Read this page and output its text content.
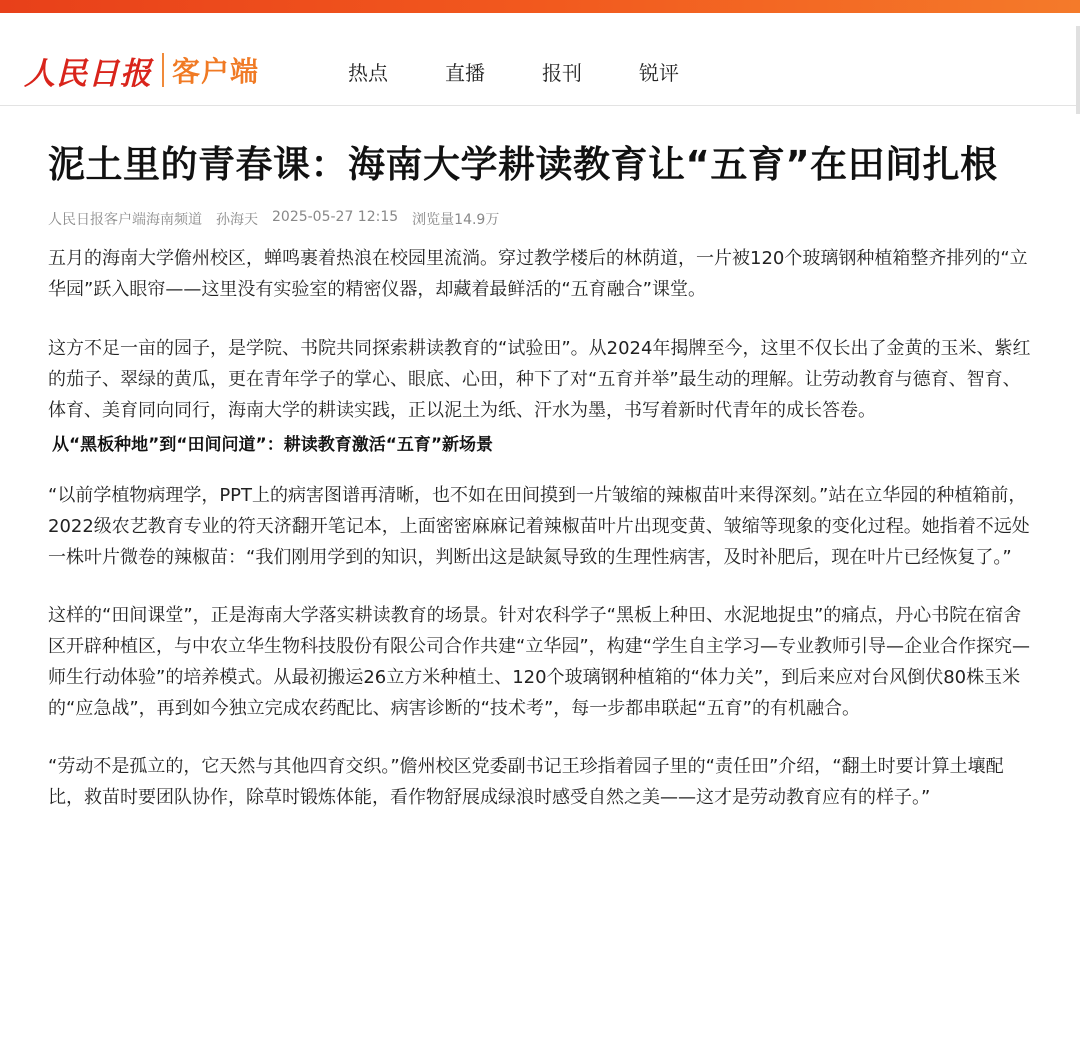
人民日报 客户端	热点	直播	报刊	锐评
泥土里的青春课：海南大学耕读教育让“五育”在田间扎根
人民日报客户端海南频道 孙海天 2025-05-27 12:15 浏览量14.9万

五月的海南大学儋州校区，蝉鸣裹着热浪在校园里流淌。穿过教学楼后的林荫道，一片被120个玻璃钢种植箱整齐排列的“立华园”跃入眼帘——这里没有实验室的精密仪器，却藏着最鲜活的“五育融合”课堂。

这方不足一亩的园子，是学院、书院共同探索耕读教育的“试验田”。从2024年揭牌至今，这里不仅长出了金黄的玉米、紫红的茄子、翠绿的黄瓜，更在青年学子的掌心、眼底、心田，种下了对“五育并举”最生动的理解。让劳动教育与德育、智育、体育、美育同向同行，海南大学的耕读实践，正以泥土为纸、汗水为墨，书写着新时代青年的成长答卷。

从“黑板种地”到“田间问道”：耕读教育激活“五育”新场景

“以前学植物病理学，PPT上的病害图谱再清晰，也不如在田间摸到一片皱缩的辣椒苗叶来得深刻。”站在立华园的种植箱前，2022级农艺教育专业的符天济翻开笔记本，上面密密麻麻记着辣椒苗叶片出现变黄、皱缩等现象的变化过程。她指着不远处一株叶片微卷的辣椒苗：“我们刚用学到的知识，判断出这是缺氮导致的生理性病害，及时补肥后，现在叶片已经恢复了。”

这样的“田间课堂”，正是海南大学落实耕读教育的场景。针对农科学子“黑板上种田、水泥地捉虫”的痛点，丹心书院在宿舍区开辟种植区，与中农立华生物科技股份有限公司合作共建“立华园”，构建“学生自主学习—专业教师引导—企业合作探究—师生行动体验”的培养模式。从最初搬运26立方米种植土、120个玻璃钢种植箱的“体力关”，到后来应对台风倒伏80株玉米的“应急战”，再到如今独立完成农药配比、病害诊断的“技术考”，每一步都串联起“五育”的有机融合。

“劳动不是孤立的，它天然与其他四育交织。”儋州校区党委副书记王珍指着园子里的“责任田”介绍，“翻土时要计算土壤配比，救苗时要团队协作，除草时锻炼体能，看作物舒展成绿浪时感受自然之美——这才是劳动教育应有的样子。”
